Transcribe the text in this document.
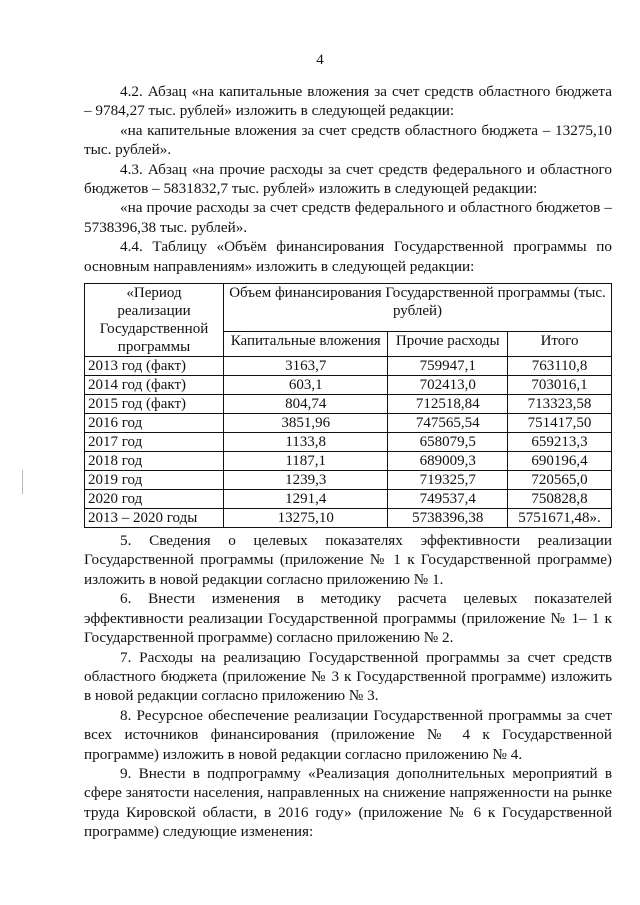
4

4.2. Абзац «на капитальные вложения за счет средств областного бюджета – 9784,27 тыс. рублей» изложить в следующей редакции:

«на капительные вложения за счет средств областного бюджета – 13275,10 тыс. рублей».

4.3. Абзац «на прочие расходы за счет средств федерального и областного бюджетов – 5831832,7 тыс. рублей» изложить в следующей редакции:

«на прочие расходы за счет средств федерального и областного бюджетов – 5738396,38 тыс. рублей».

4.4. Таблицу «Объём финансирования Государственной программы по основным направлениям» изложить в следующей редакции:

«Период реализации Государственной программы	Объем финансирования Государственной программы (тыс. рублей)		
	Капитальные вложения	Прочие расходы	Итого
2013 год (факт)	3163,7	759947,1	763110,8
2014 год (факт)	603,1	702413,0	703016,1
2015 год (факт)	804,74	712518,84	713323,58
2016 год	3851,96	747565,54	751417,50
2017 год	1133,8	658079,5	659213,3
2018 год	1187,1	689009,3	690196,4
2019 год	1239,3	719325,7	720565,0
2020 год	1291,4	749537,4	750828,8
2013 – 2020 годы	13275,10	5738396,38	5751671,48».

5. Сведения о целевых показателях эффективности реализации Государственной программы (приложение № 1 к Государственной программе) изложить в новой редакции согласно приложению № 1.

6. Внести изменения в методику расчета целевых показателей эффективности реализации Государственной программы (приложение № 1– 1 к Государственной программе) согласно приложению № 2.

7. Расходы на реализацию Государственной программы за счет средств областного бюджета (приложение № 3 к Государственной программе) изложить в новой редакции согласно приложению № 3.

8. Ресурсное обеспечение реализации Государственной программы за счет всех источников финансирования (приложение № 4 к Государственной программе) изложить в новой редакции согласно приложению № 4.

9. Внести в подпрограмму «Реализация дополнительных мероприятий в сфере занятости населения, направленных на снижение напряженности на рынке труда Кировской области, в 2016 году» (приложение № 6 к Государственной программе) следующие изменения:
